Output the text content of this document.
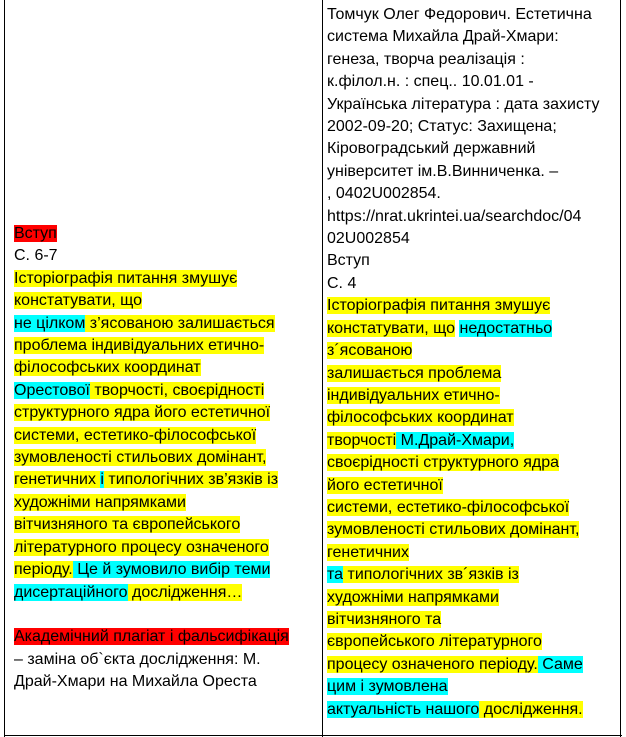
Вступ
С. 6-7
Історіографія питання змушує
констатувати, що
не цілком з’ясованою залишається
проблема індивідуальних етично-
філософських координат
Орестової творчості, своєрідності
структурного ядра його естетичної
системи, естетико-філософської
зумовленості стильових домінант,
генетичних і типологічних зв’язків із
художніми напрямками
вітчизняного та європейського
літературного процесу означеного
періоду. Це й зумовило вибір теми
дисертаційного дослідження…

Академічний плагіат і фальсифікація
– заміна об`єкта дослідження: М.
Драй-Хмари на Михайла Ореста
Томчук Олег Федорович. Естетична
система Михайла Драй-Хмари:
генеза, творча реалізація :
к.філол.н. : спец.. 10.01.01 -
Українська література : дата захисту
2002-09-20; Статус: Захищена;
Кіровоградський державний
університет ім.В.Винниченка. –
, 0402U002854.
https://nrat.ukrintei.ua/searchdoc/04
02U002854
Вступ
С. 4
Історіографія питання змушує
констатувати, що недостатньо
з´ясованою
залишається проблема
індивідуальних етично-
філософських координат
творчості М.Драй-Хмари,
своєрідності структурного ядра
його естетичної
системи, естетико-філософської
зумовленості стильових домінант,
генетичних
та типологічних зв´язків із
художніми напрямками
вітчизняного та
європейського літературного
процесу означеного періоду. Саме
цим і зумовлена
актуальність нашого дослідження.
